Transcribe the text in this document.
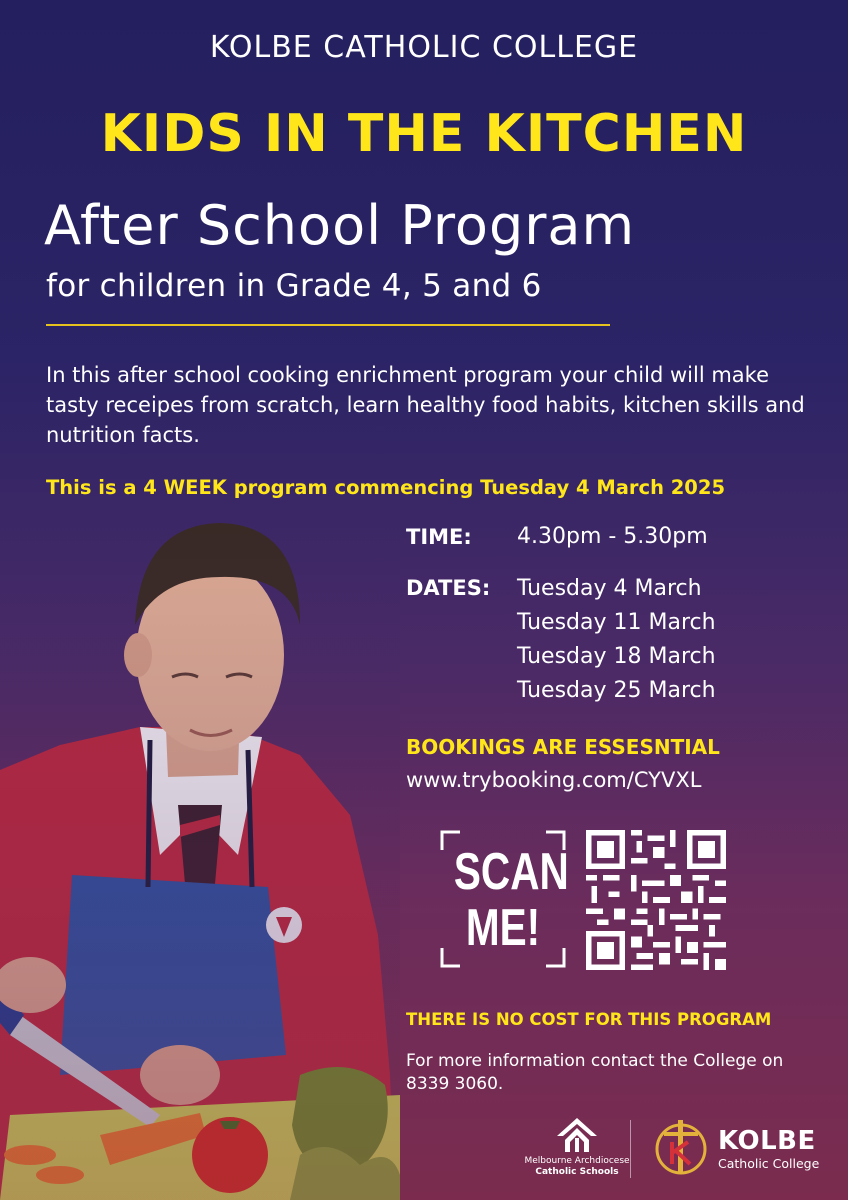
KOLBE CATHOLIC COLLEGE
KIDS IN THE KITCHEN
After School Program
for children in Grade 4, 5 and 6
In this after school cooking enrichment program your child will make tasty receipes from scratch, learn healthy food habits, kitchen skills and nutrition facts.
This is a 4 WEEK program commencing Tuesday 4 March 2025
TIME: 4.30pm - 5.30pm
DATES: Tuesday 4 March
Tuesday 11 March
Tuesday 18 March
Tuesday 25 March
BOOKINGS ARE ESSESNTIAL
www.trybooking.com/CYVXL
SCAN
ME!
THERE IS NO COST FOR THIS PROGRAM
For more information contact the College on 8339 3060.
Melbourne Archdiocese
Catholic Schools
KOLBE
Catholic College
